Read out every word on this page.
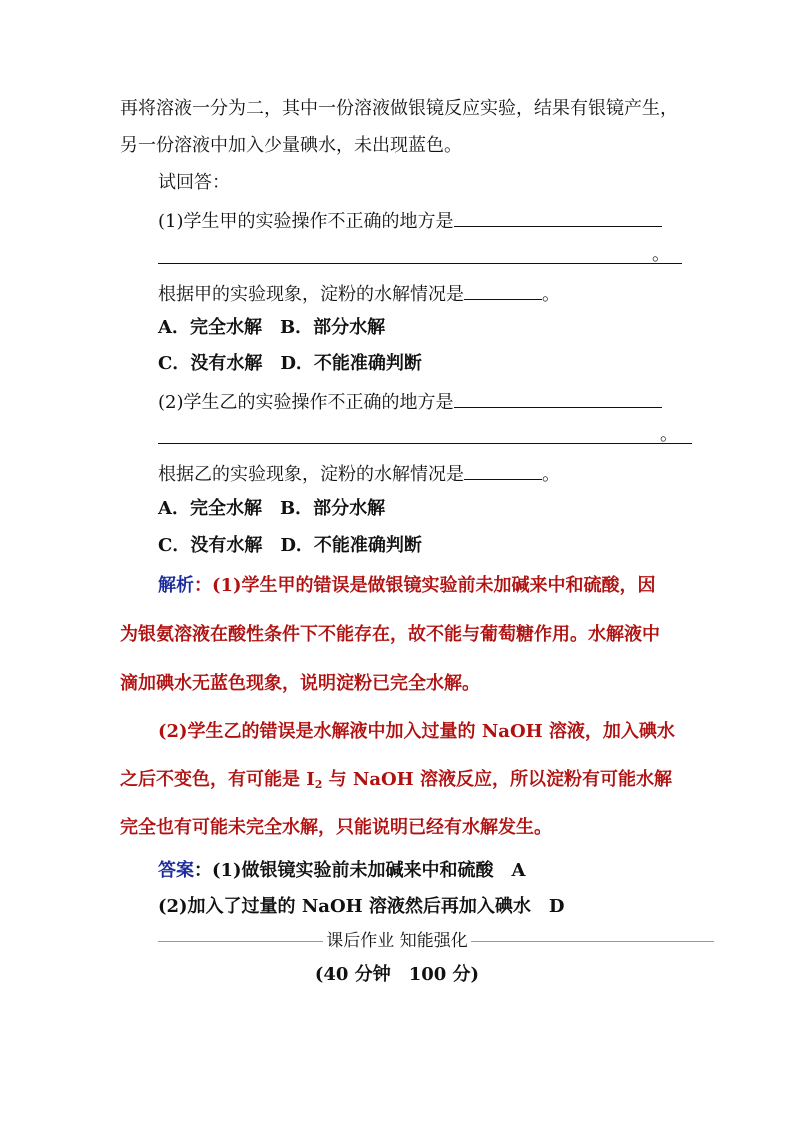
再将溶液一分为二，其中一份溶液做银镜反应实验，结果有银镜产生，
另一份溶液中加入少量碘水，未出现蓝色。
试回答：
(1)学生甲的实验操作不正确的地方是
。
根据甲的实验现象，淀粉的水解情况是	。
A．完全水解　B．部分水解
C．没有水解　D．不能准确判断
(2)学生乙的实验操作不正确的地方是
。
根据乙的实验现象，淀粉的水解情况是	。
A．完全水解　B．部分水解
C．没有水解　D．不能准确判断
解析：(1)学生甲的错误是做银镜实验前未加碱来中和硫酸，因
为银氨溶液在酸性条件下不能存在，故不能与葡萄糖作用。水解液中
滴加碘水无蓝色现象，说明淀粉已完全水解。
(2)学生乙的错误是水解液中加入过量的 NaOH 溶液，加入碘水
之后不变色，有可能是 $I_2$ 与 NaOH 溶液反应，所以淀粉有可能水解
完全也有可能未完全水解，只能说明已经有水解发生。
答案：(1)做银镜实验前未加碱来中和硫酸　A
(2)加入了过量的 NaOH 溶液然后再加入碘水　D
课后作业 知能强化
(40 分钟　100 分)
